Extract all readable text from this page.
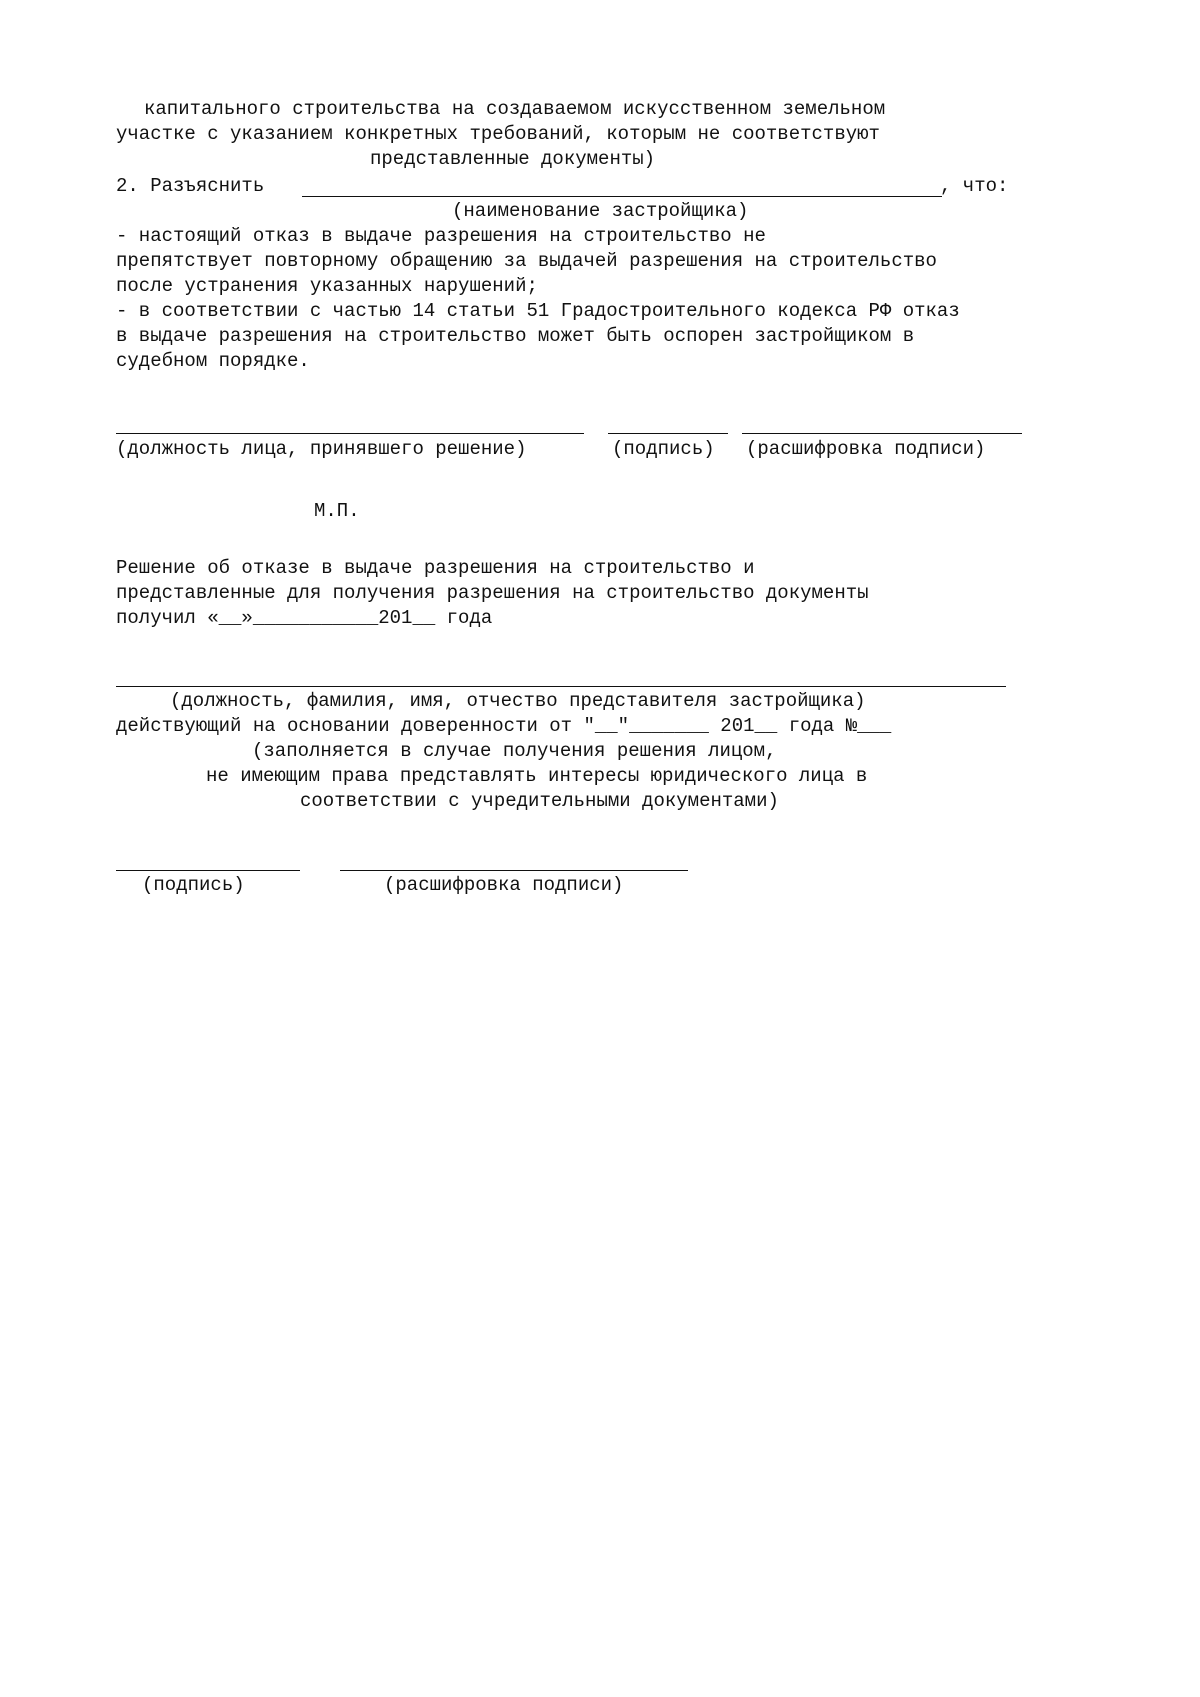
капитального строительства на создаваемом искусственном земельном
участке с указанием конкретных требований, которым не соответствуют
представленные документы)
2. Разъяснить	, что:
(наименование застройщика)
- настоящий отказ в выдаче разрешения на строительство не
препятствует повторному обращению за выдачей разрешения на строительство
после устранения указанных нарушений;
- в соответствии с частью 14 статьи 51 Градостроительного кодекса РФ отказ
в выдаче разрешения на строительство может быть оспорен застройщиком в
судебном порядке.
(должность лица, принявшего решение)	(подпись) (расшифровка подписи)
М.П.
Решение об отказе в выдаче разрешения на строительство и
представленные для получения разрешения на строительство документы
получил «__»___________201__ года
(должность, фамилия, имя, отчество представителя застройщика)
действующий на основании доверенности от "__"_______ 201__ года №___
(заполняется в случае получения решения лицом,
не имеющим права представлять интересы юридического лица в
соответствии с учредительными документами)
(подпись)	(расшифровка подписи)
